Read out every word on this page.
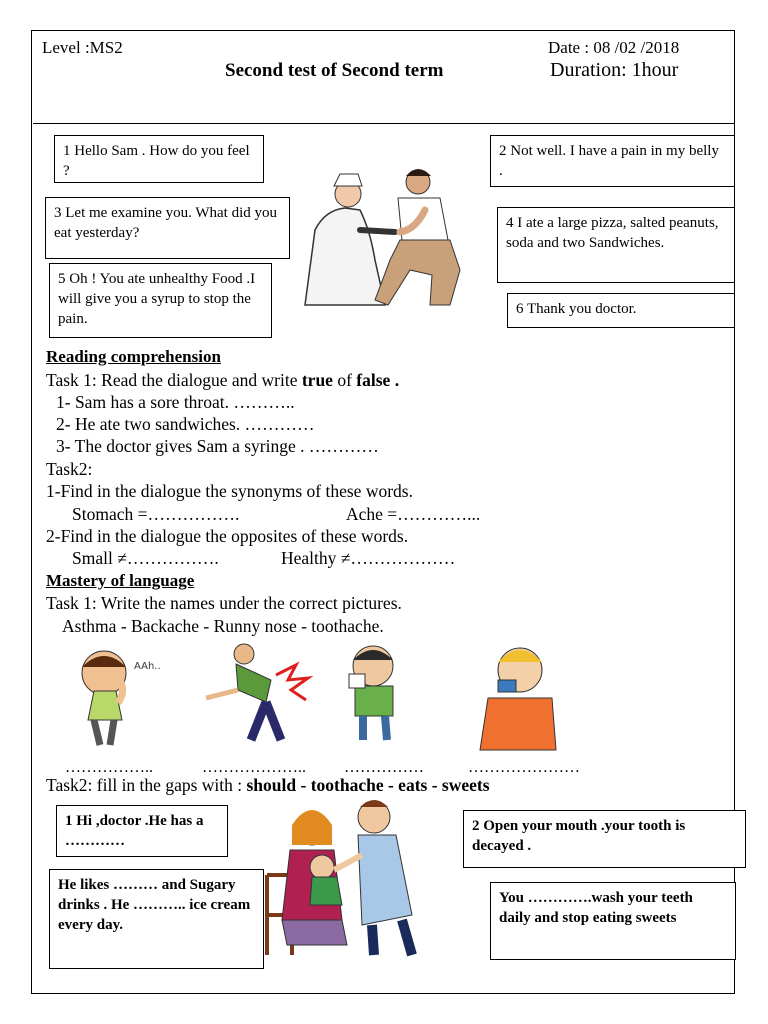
Level :MS2	Date : 08 /02 /2018
Second test of Second term	Duration: 1hour
1 Hello Sam . How do you feel ?
2 Not well. I have a pain in my belly .
3 Let me examine you. What did you eat yesterday?
4 I ate a large pizza, salted peanuts, soda and two Sandwiches.
5 Oh ! You ate unhealthy Food .I will give you a syrup to stop the pain.
6 Thank you doctor.
Reading comprehension
Task 1: Read the dialogue and write true of false .
1- Sam has a sore throat. ………..
2- He ate two sandwiches. …………
3- The doctor gives Sam a syringe . …………
Task2:
1-Find in the dialogue the synonyms of these words.
Stomach =…………….	Ache =…………...
2-Find in the dialogue the opposites of these words.
Small ≠…………….	Healthy ≠………………
Mastery of language
Task 1: Write the names under the correct pictures.
Asthma - Backache - Runny nose - toothache.
AAh..
……………..	……………….. ……………	…………………
Task2: fill in the gaps with : should - toothache - eats - sweets
1 Hi ,doctor .He has a …………
2 Open your mouth .your tooth is decayed .
He likes ……… and Sugary drinks . He ……….. ice cream every day.
You ………….wash your teeth daily and stop eating sweets
